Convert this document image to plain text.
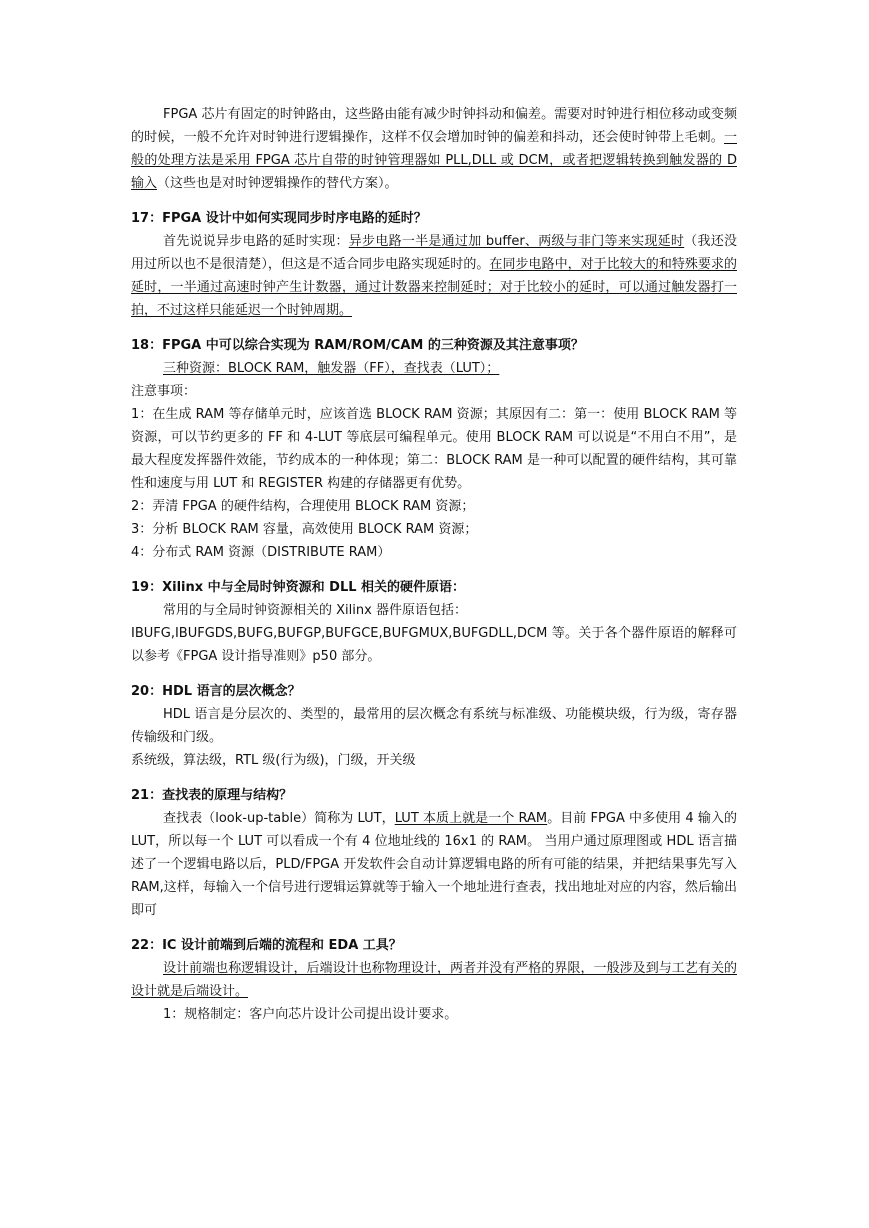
FPGA 芯片有固定的时钟路由，这些路由能有减少时钟抖动和偏差。需要对时钟进行相位移动或变频的时候，一般不允许对时钟进行逻辑操作，这样不仅会增加时钟的偏差和抖动，还会使时钟带上毛刺。一般的处理方法是采用 FPGA 芯片自带的时钟管理器如 PLL,DLL 或 DCM，或者把逻辑转换到触发器的 D 输入（这些也是对时钟逻辑操作的替代方案）。

17：FPGA 设计中如何实现同步时序电路的延时？

首先说说异步电路的延时实现：异步电路一半是通过加 buffer、两级与非门等来实现延时（我还没用过所以也不是很清楚），但这是不适合同步电路实现延时的。在同步电路中，对于比较大的和特殊要求的延时，一半通过高速时钟产生计数器，通过计数器来控制延时；对于比较小的延时，可以通过触发器打一拍，不过这样只能延迟一个时钟周期。

18：FPGA 中可以综合实现为 RAM/ROM/CAM 的三种资源及其注意事项？

三种资源：BLOCK RAM，触发器（FF），查找表（LUT）；

注意事项：

1：在生成 RAM 等存储单元时，应该首选 BLOCK RAM 资源；其原因有二：第一：使用 BLOCK RAM 等资源，可以节约更多的 FF 和 4-LUT 等底层可编程单元。使用 BLOCK RAM 可以说是“不用白不用”，是最大程度发挥器件效能，节约成本的一种体现；第二：BLOCK RAM 是一种可以配置的硬件结构，其可靠性和速度与用 LUT 和 REGISTER 构建的存储器更有优势。

2：弄清 FPGA 的硬件结构，合理使用 BLOCK RAM 资源；

3：分析 BLOCK RAM 容量，高效使用 BLOCK RAM 资源；

4：分布式 RAM 资源（DISTRIBUTE RAM）

19：Xilinx 中与全局时钟资源和 DLL 相关的硬件原语：

常用的与全局时钟资源相关的 Xilinx 器件原语包括：

IBUFG,IBUFGDS,BUFG,BUFGP,BUFGCE,BUFGMUX,BUFGDLL,DCM 等。关于各个器件原语的解释可以参考《FPGA 设计指导准则》p50 部分。

20：HDL 语言的层次概念？

HDL 语言是分层次的、类型的，最常用的层次概念有系统与标准级、功能模块级，行为级，寄存器传输级和门级。

系统级，算法级，RTL 级(行为级)，门级，开关级

21：查找表的原理与结构？

查找表（look-up-table）简称为 LUT，LUT 本质上就是一个 RAM。目前 FPGA 中多使用 4 输入的 LUT，所以每一个 LUT 可以看成一个有 4 位地址线的 16x1 的 RAM。 当用户通过原理图或 HDL 语言描述了一个逻辑电路以后，PLD/FPGA 开发软件会自动计算逻辑电路的所有可能的结果，并把结果事先写入 RAM,这样，每输入一个信号进行逻辑运算就等于输入一个地址进行查表，找出地址对应的内容，然后输出即可

22：IC 设计前端到后端的流程和 EDA 工具？

设计前端也称逻辑设计，后端设计也称物理设计，两者并没有严格的界限，一般涉及到与工艺有关的设计就是后端设计。

1：规格制定：客户向芯片设计公司提出设计要求。
